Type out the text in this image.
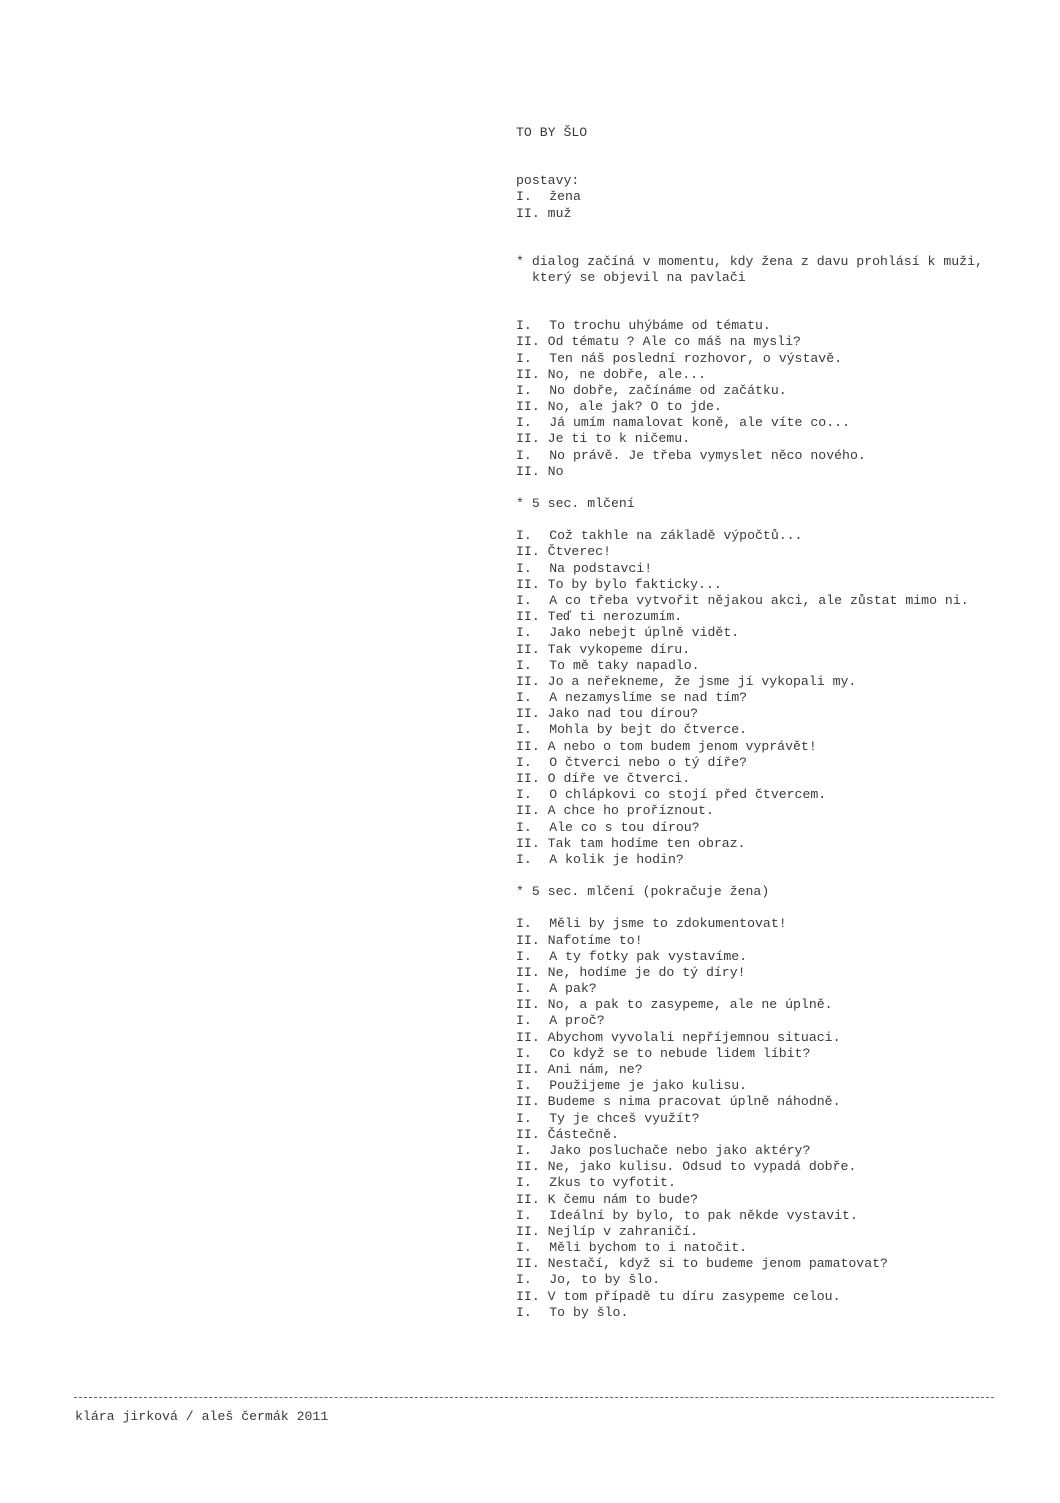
TO BY ŠLO
postavy:
I. žena
II. muž
* dialog začíná v momentu, kdy žena z davu prohlásí k muži,
který se objevil na pavlači
I. To trochu uhýbáme od tématu.
II. Od tématu ? Ale co máš na mysli?
I. Ten náš poslední rozhovor, o výstavě.
II. No, ne dobře, ale...
I. No dobře, začínáme od začátku.
II. No, ale jak? O to jde.
I. Já umím namalovat koně, ale víte co...
II. Je ti to k ničemu.
I. No právě. Je třeba vymyslet něco nového.
II. No
* 5 sec. mlčení
I. Což takhle na základě výpočtů...
II. Čtverec!
I. Na podstavci!
II. To by bylo fakticky...
I. A co třeba vytvořit nějakou akci, ale zůstat mimo ni.
II. Teď ti nerozumím.
I. Jako nebejt úplně vidět.
II. Tak vykopeme díru.
I. To mě taky napadlo.
II. Jo a neřekneme, že jsme jí vykopali my.
I. A nezamyslíme se nad tím?
II. Jako nad tou dírou?
I. Mohla by bejt do čtverce.
II. A nebo o tom budem jenom vyprávět!
I. O čtverci nebo o tý díře?
II. O díře ve čtverci.
I. O chlápkovi co stojí před čtvercem.
II. A chce ho proříznout.
I. Ale co s tou dírou?
II. Tak tam hodíme ten obraz.
I. A kolik je hodin?
* 5 sec. mlčení (pokračuje žena)
I. Měli by jsme to zdokumentovat!
II. Nafotíme to!
I. A ty fotky pak vystavíme.
II. Ne, hodíme je do tý díry!
I. A pak?
II. No, a pak to zasypeme, ale ne úplně.
I. A proč?
II. Abychom vyvolali nepříjemnou situaci.
I. Co když se to nebude lidem líbit?
II. Ani nám, ne?
I. Použijeme je jako kulisu.
II. Budeme s nima pracovat úplně náhodně.
I. Ty je chceš využít?
II. Částečně.
I. Jako posluchače nebo jako aktéry?
II. Ne, jako kulisu. Odsud to vypadá dobře.
I. Zkus to vyfotit.
II. K čemu nám to bude?
I. Ideální by bylo, to pak někde vystavit.
II. Nejlíp v zahraničí.
I. Měli bychom to i natočit.
II. Nestačí, když si to budeme jenom pamatovat?
I. Jo, to by šlo.
II. V tom případě tu díru zasypeme celou.
I. To by šlo.
klára jirková / aleš čermák 2011
